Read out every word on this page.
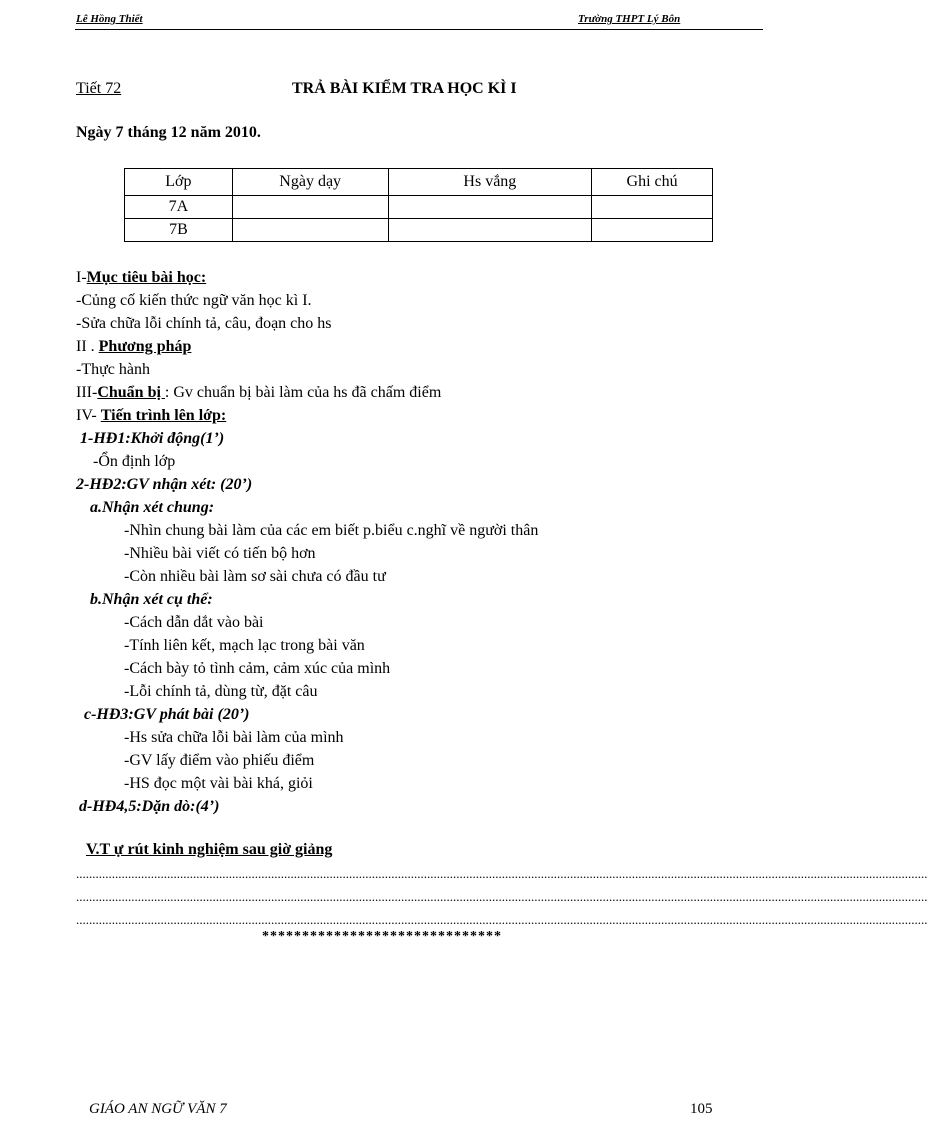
Lê Hồng Thiết	Trường THPT Lý Bôn
Tiết 72	TRẢ BÀI KIỂM TRA HỌC KÌ I
Ngày 7 tháng 12 năm 2010.
Lớp	Ngày dạy	Hs vắng	Ghi chú
7A			
7B			
I-Mục tiêu bài học:
-Củng cố kiến thức ngữ văn học kì I.
-Sửa chữa lỗi chính tả, câu, đoạn cho hs
II . Phương pháp
-Thực hành
III-Chuẩn bị : Gv chuẩn bị bài làm của hs đã chấm điểm
IV- Tiến trình lên lớp:
1-HĐ1:Khởi động(1’)
-Ổn định lớp
2-HĐ2:GV nhận xét: (20’)
a.Nhận xét chung:
-Nhìn chung bài làm của các em biết p.biểu c.nghĩ về người thân
-Nhiều bài viết có tiến bộ hơn
-Còn nhiều bài làm sơ sài chưa có đầu tư
b.Nhận xét cụ thể:
-Cách dẫn dắt vào bài
-Tính liên kết, mạch lạc trong bài văn
-Cách bày tỏ tình cảm, cảm xúc của mình
-Lỗi chính tả, dùng từ, đặt câu
c-HĐ3:GV phát bài (20’)
-Hs sửa chữa lỗi bài làm của mình
-GV lấy điểm vào phiếu điểm
-HS đọc một vài bài khá, giỏi
d-HĐ4,5:Dặn dò:(4’)
V.T ự rút kinh nghiệm sau giờ giảng
......................................................................................................................................................................................................................................................................
......................................................................................................................................................................................................................................................................
......................................................................................................................................................................................................................................................................
******************************
GIÁO AN NGỮ VĂN 7	105
